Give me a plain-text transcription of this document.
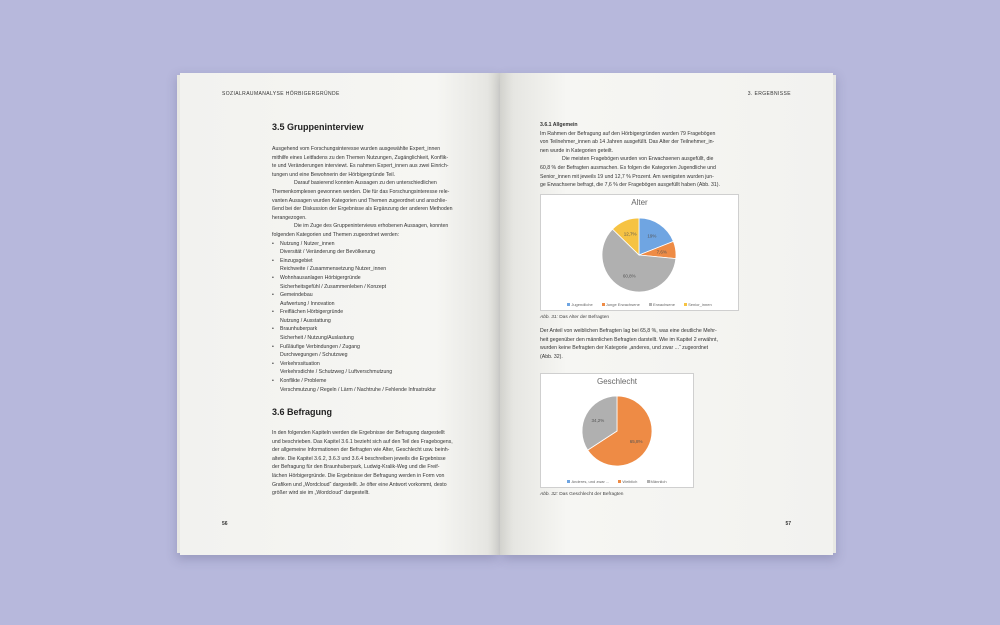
SOZIALRAUMANALYSE HÖRBIGERGRÜNDE

3.5 Gruppeninterview

Ausgehend vom Forschungsinteresse wurden ausgewählte Expert_innen

mithilfe eines Leitfadens zu den Themen Nutzungen, Zugänglichkeit, Konflik-

te und Veränderungen interviewt. Es nahmen Expert_innen aus zwei Einrich-

tungen und eine Bewohnerin der Hörbigergründe Teil.

Darauf basierend konnten Aussagen zu den unterschiedlichen

Themenkomplexen gewonnen werden. Die für das Forschungsinteresse rele-

vanten Aussagen wurden Kategorien und Themen zugeordnet und anschlie-

ßend bei der Diskussion der Ergebnisse als Ergänzung der anderen Methoden

herangezogen.

Die im Zuge des Gruppeninterviews erhobenen Aussagen, konnten

folgenden Kategorien und Themen zugeordnet werden:

• Nutzung / Nutzer_innen
Diversität / Veränderung der Bevölkerung
• Einzugsgebiet
Reichweite / Zusammensetzung Nutzer_innen
• Wohnhausanlagen Hörbigergründe
Sicherheitsgefühl / Zusammenleben / Konzept
• Gemeindebau
Aufwertung / Innovation
• Freiflächen Hörbigergründe
Nutzung / Ausstattung
• Braunhuberpark
Sicherheit / Nutzung/Auslastung
• Fußläufige Verbindungen / Zugang
Durchwegungen / Schutzweg
• Verkehrssituation
Verkehrsdichte / Schutzweg / Luftverschmutzung
• Konflikte / Probleme
Verschmutzung / Regeln / Lärm / Nachtruhe / Fehlende Infrastruktur

3.6 Befragung

In den folgenden Kapiteln werden die Ergebnisse der Befragung dargestellt

und beschrieben. Das Kapitel 3.6.1 bezieht sich auf den Teil des Fragebogens,

der allgemeine Informationen der Befragten wie Alter, Geschlecht usw. beinh-

altete. Die Kapitel 3.6.2, 3.6.3 und 3.6.4 beschreiben jeweils die Ergebnisse

der Befragung für den Braunhuberpark, Ludwig-Kralik-Weg und die Freif-

lächen Hörbigergründe. Die Ergebnisse der Befragung werden in Form von

Grafiken und „Wordcloud“ dargestellt. Je öfter eine Antwort vorkommt, desto

größer wird sie im „Wordcloud“ dargestellt.

56
3. ERGEBNISSE

3.6.1 Allgemein

Im Rahmen der Befragung auf den Hörbigergründen wurden 79 Fragebögen

von Teilnehmer_innen ab 14 Jahren ausgefüllt. Das Alter der Teilnehmer_in-

nen wurde in Kategorien geteilt.

Die meisten Fragebögen wurden von Erwachsenen ausgefüllt, die

60,8 % der Befragten ausmachen. Es folgen die Kategorien Jugendliche und

Senior_innen mit jeweils 19 und 12,7 % Prozent. Am wenigsten wurden jun-

ge Erwachsene befragt, die 7,6 % der Fragebögen ausgefüllt haben (Abb. 31).

Alter
19%
7,6%
60,8%
12,7%
Jugendliche	Junge Erwachsene	Erwachsene	Senior_innen
Abb. 31: Das Alter der Befragten

Der Anteil von weiblichen Befragten lag bei 65,8 %, was eine deutliche Mehr-

heit gegenüber den männlichen Befragten darstellt. Wie im Kapitel 2 erwähnt,

wurden keine Befragten der Kategorie „anderes, und zwar ...“ zugeordnet

(Abb. 32).

Geschlecht
65,8%
34,2%
Anderes, und zwar ...	Weiblich	Männlich
Abb. 32: Das Geschlecht der Befragten
57
